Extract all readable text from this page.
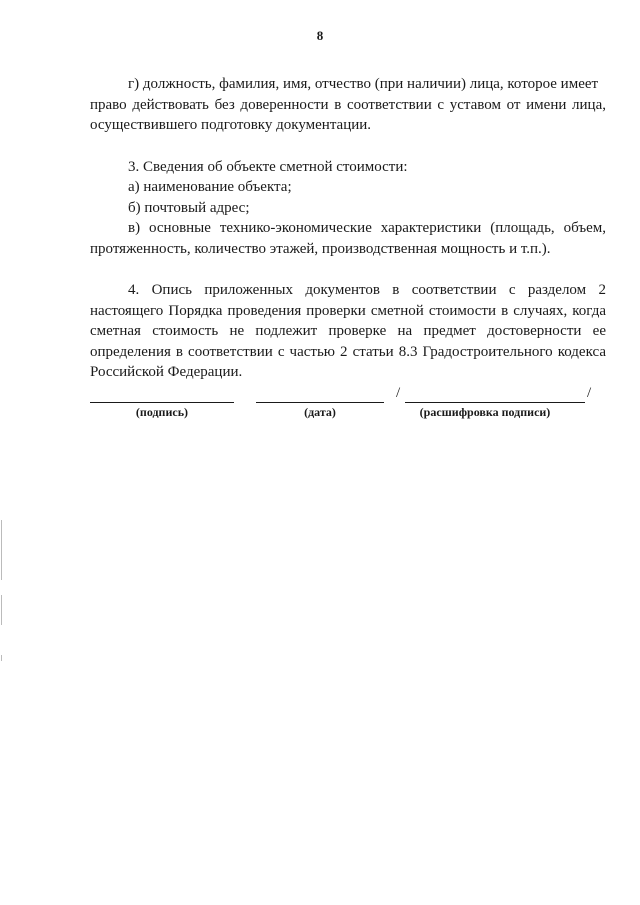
8

г) должность, фамилия, имя, отчество (при наличии) лица, которое имеет

право действовать без доверенности в соответствии с уставом от имени лица, осуществившего подготовку документации.

3. Сведения об объекте сметной стоимости:

а) наименование объекта;

б) почтовый адрес;

в) основные технико-экономические характеристики (площадь, объем, протяженность, количество этажей, производственная мощность и т.п.).

4. Опись приложенных документов в соответствии с разделом 2 настоящего Порядка проведения проверки сметной стоимости в случаях, когда сметная стоимость не подлежит проверке на предмет достоверности ее определения в соответствии с частью 2 статьи 8.3 Градостроительного кодекса Российской Федерации.

(подпись)	(дата)
/	/
(расшифровка подписи)
